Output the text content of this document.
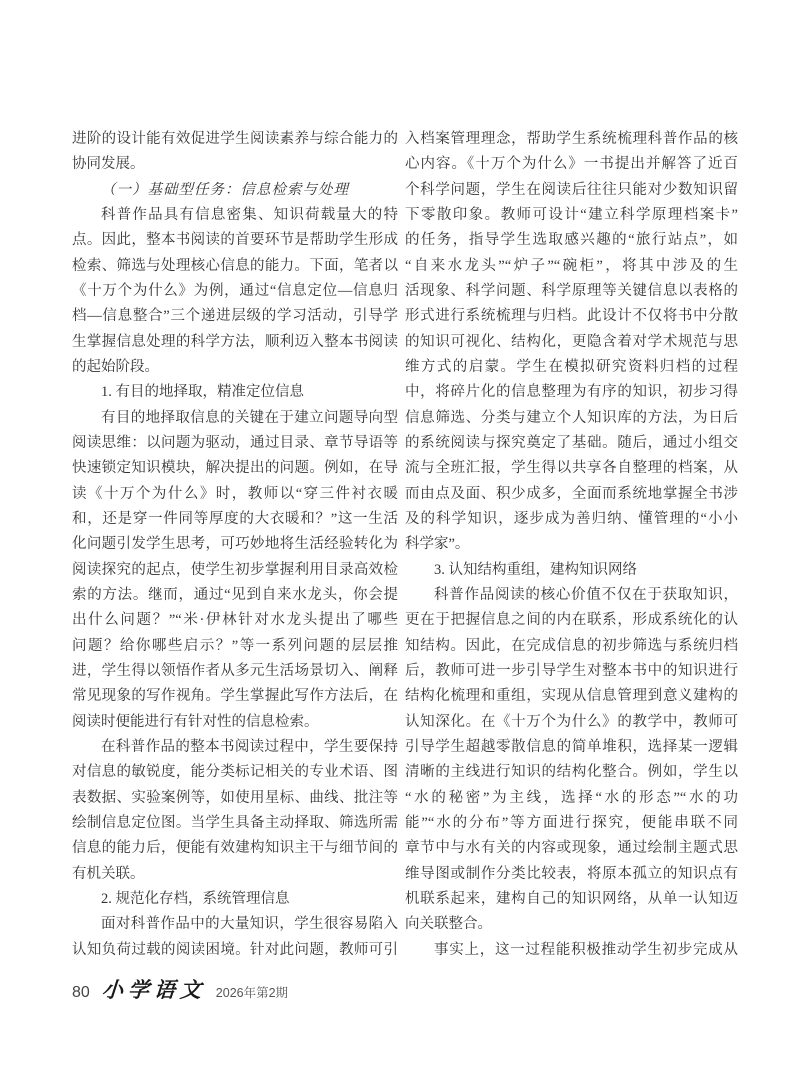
进阶的设计能有效促进学生阅读素养与综合能力的
协同发展。
（一）基础型任务：信息检索与处理
科普作品具有信息密集、知识荷载量大的特
点。因此，整本书阅读的首要环节是帮助学生形成
检索、筛选与处理核心信息的能力。下面，笔者以
《十万个为什么》为例，通过“信息定位—信息归
档—信息整合”三个递进层级的学习活动，引导学
生掌握信息处理的科学方法，顺利迈入整本书阅读
的起始阶段。
1. 有目的地择取，精准定位信息
有目的地择取信息的关键在于建立问题导向型
阅读思维：以问题为驱动，通过目录、章节导语等
快速锁定知识模块，解决提出的问题。例如，在导
读《十万个为什么》时，教师以“穿三件衬衣暖
和，还是穿一件同等厚度的大衣暖和？”这一生活
化问题引发学生思考，可巧妙地将生活经验转化为
阅读探究的起点，使学生初步掌握利用目录高效检
索的方法。继而，通过“见到自来水龙头，你会提
出什么问题？”“米·伊林针对水龙头提出了哪些
问题？给你哪些启示？”等一系列问题的层层推
进，学生得以领悟作者从多元生活场景切入、阐释
常见现象的写作视角。学生掌握此写作方法后，在
阅读时便能进行有针对性的信息检索。
在科普作品的整本书阅读过程中，学生要保持
对信息的敏锐度，能分类标记相关的专业术语、图
表数据、实验案例等，如使用星标、曲线、批注等
绘制信息定位图。当学生具备主动择取、筛选所需
信息的能力后，便能有效建构知识主干与细节间的
有机关联。
2. 规范化存档，系统管理信息
面对科普作品中的大量知识，学生很容易陷入
认知负荷过载的阅读困境。针对此问题，教师可引
入档案管理理念，帮助学生系统梳理科普作品的核
心内容。《十万个为什么》一书提出并解答了近百
个科学问题，学生在阅读后往往只能对少数知识留
下零散印象。教师可设计“建立科学原理档案卡”
的任务，指导学生选取感兴趣的“旅行站点”，如
“自来水龙头”“炉子”“碗柜”，将其中涉及的生
活现象、科学问题、科学原理等关键信息以表格的
形式进行系统梳理与归档。此设计不仅将书中分散
的知识可视化、结构化，更隐含着对学术规范与思
维方式的启蒙。学生在模拟研究资料归档的过程
中，将碎片化的信息整理为有序的知识，初步习得
信息筛选、分类与建立个人知识库的方法，为日后
的系统阅读与探究奠定了基础。随后，通过小组交
流与全班汇报，学生得以共享各自整理的档案，从
而由点及面、积少成多，全面而系统地掌握全书涉
及的科学知识，逐步成为善归纳、懂管理的“小小
科学家”。
3. 认知结构重组，建构知识网络
科普作品阅读的核心价值不仅在于获取知识，
更在于把握信息之间的内在联系，形成系统化的认
知结构。因此，在完成信息的初步筛选与系统归档
后，教师可进一步引导学生对整本书中的知识进行
结构化梳理和重组，实现从信息管理到意义建构的
认知深化。在《十万个为什么》的教学中，教师可
引导学生超越零散信息的简单堆积，选择某一逻辑
清晰的主线进行知识的结构化整合。例如，学生以
“水的秘密”为主线，选择“水的形态”“水的功
能”“水的分布”等方面进行探究，便能串联不同
章节中与水有关的内容或现象，通过绘制主题式思
维导图或制作分类比较表，将原本孤立的知识点有
机联系起来，建构自己的知识网络，从单一认知迈
向关联整合。
事实上，这一过程能积极推动学生初步完成从
80 小学语文 2026年第2期
